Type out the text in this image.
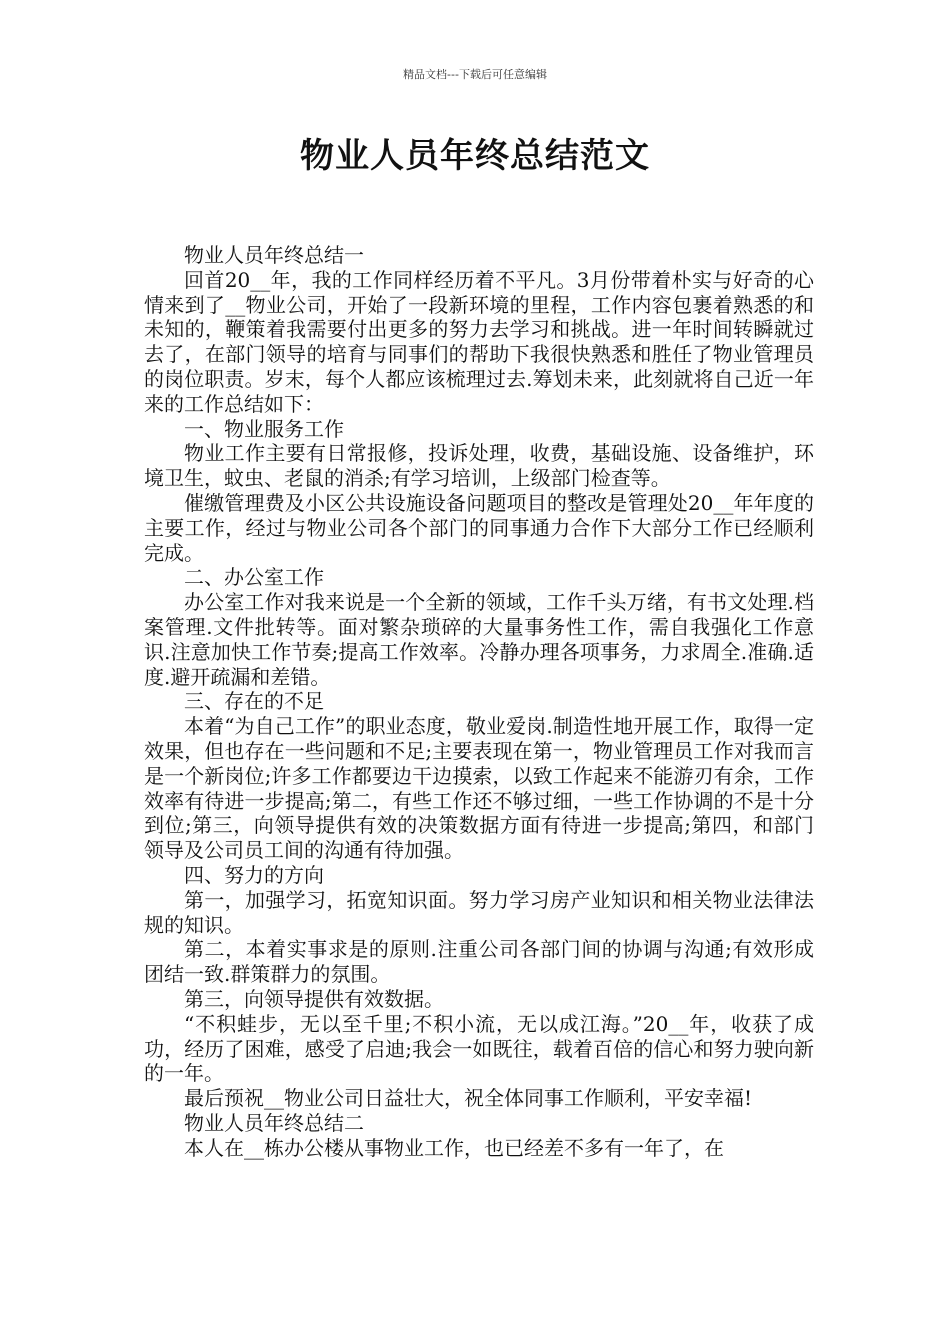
精品文档---下载后可任意编辑
物业人员年终总结范文

物业人员年终总结一

回首20__年，我的工作同样经历着不平凡。3月份带着朴实与好奇的心情来到了__物业公司，开始了一段新环境的里程，工作内容包裹着熟悉的和未知的，鞭策着我需要付出更多的努力去学习和挑战。进一年时间转瞬就过去了，在部门领导的培育与同事们的帮助下我很快熟悉和胜任了物业管理员的岗位职责。岁末，每个人都应该梳理过去.筹划未来，此刻就将自己近一年来的工作总结如下：

一、物业服务工作

物业工作主要有日常报修，投诉处理，收费，基础设施、设备维护，环境卫生，蚊虫、老鼠的消杀;有学习培训，上级部门检查等。

催缴管理费及小区公共设施设备问题项目的整改是管理处20__年年度的主要工作，经过与物业公司各个部门的同事通力合作下大部分工作已经顺利完成。

二、办公室工作

办公室工作对我来说是一个全新的领域，工作千头万绪，有书文处理.档案管理.文件批转等。面对繁杂琐碎的大量事务性工作，需自我强化工作意识.注意加快工作节奏;提高工作效率。冷静办理各项事务，力求周全.准确.适度.避开疏漏和差错。

三、存在的不足

本着“为自己工作”的职业态度，敬业爱岗.制造性地开展工作，取得一定效果，但也存在一些问题和不足;主要表现在第一，物业管理员工作对我而言是一个新岗位;许多工作都要边干边摸索，以致工作起来不能游刃有余，工作效率有待进一步提高;第二，有些工作还不够过细，一些工作协调的不是十分到位;第三，向领导提供有效的决策数据方面有待进一步提高;第四，和部门领导及公司员工间的沟通有待加强。

四、努力的方向

第一，加强学习，拓宽知识面。努力学习房产业知识和相关物业法律法规的知识。

第二，本着实事求是的原则.注重公司各部门间的协调与沟通;有效形成团结一致.群策群力的氛围。

第三，向领导提供有效数据。

“不积蛙步，无以至千里;不积小流，无以成江海。”20__年，收获了成功，经历了困难，感受了启迪;我会一如既往，载着百倍的信心和努力驶向新的一年。

最后预祝__物业公司日益壮大，祝全体同事工作顺利，平安幸福!

物业人员年终总结二

本人在__栋办公楼从事物业工作，也已经差不多有一年了，在
